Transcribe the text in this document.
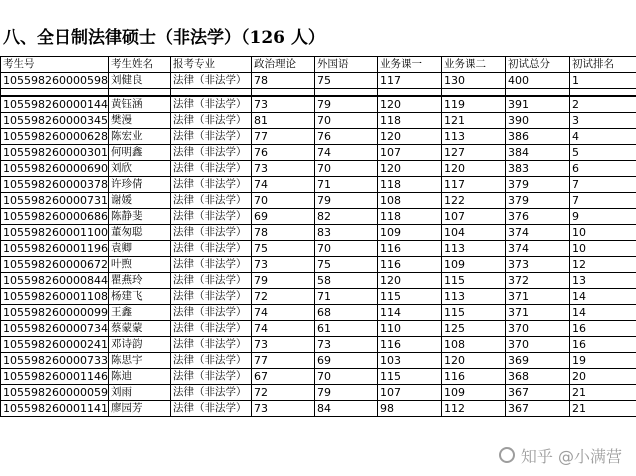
八、全日制法律硕士（非法学）（126 人）
考生号	考生姓名	报考专业	政治理论	外国语	业务课一	业务课二	初试总分	初试排名
105598260000598	刘健良	法律（非法学）	78	75	117	130	400	1

105598260000144	黄钰涵	法律（非法学）	73	79	120	119	391	2
105598260000345	樊漫	法律（非法学）	81	70	118	121	390	3
105598260000628	陈宏业	法律（非法学）	77	76	120	113	386	4
105598260000301	何明鑫	法律（非法学）	76	74	107	127	384	5
105598260000690	刘欣	法律（非法学）	73	70	120	120	383	6
105598260000378	许珍倩	法律（非法学）	74	71	118	117	379	7
105598260000731	谢媛	法律（非法学）	70	79	108	122	379	7
105598260000686	陈静斐	法律（非法学）	69	82	118	107	376	9
105598260001100	董匆聪	法律（非法学）	78	83	109	104	374	10
105598260001196	袁卿	法律（非法学）	75	70	116	113	374	10
105598260000672	叶煦	法律（非法学）	73	75	116	109	373	12
105598260000844	瞿燕玲	法律（非法学）	79	58	120	115	372	13
105598260001108	杨建飞	法律（非法学）	72	71	115	113	371	14
105598260000099	王鑫	法律（非法学）	74	68	114	115	371	14
105598260000734	蔡蒙蒙	法律（非法学）	74	61	110	125	370	16
105598260000241	邓诗韵	法律（非法学）	73	73	116	108	370	16
105598260000733	陈思宇	法律（非法学）	77	69	103	120	369	19
105598260001146	陈迪	法律（非法学）	67	70	115	116	368	20
105598260000059	刘雨	法律（非法学）	72	79	107	109	367	21
105598260001141	廖园芳	法律（非法学）	73	84	98	112	367	21
知乎 @小满营
